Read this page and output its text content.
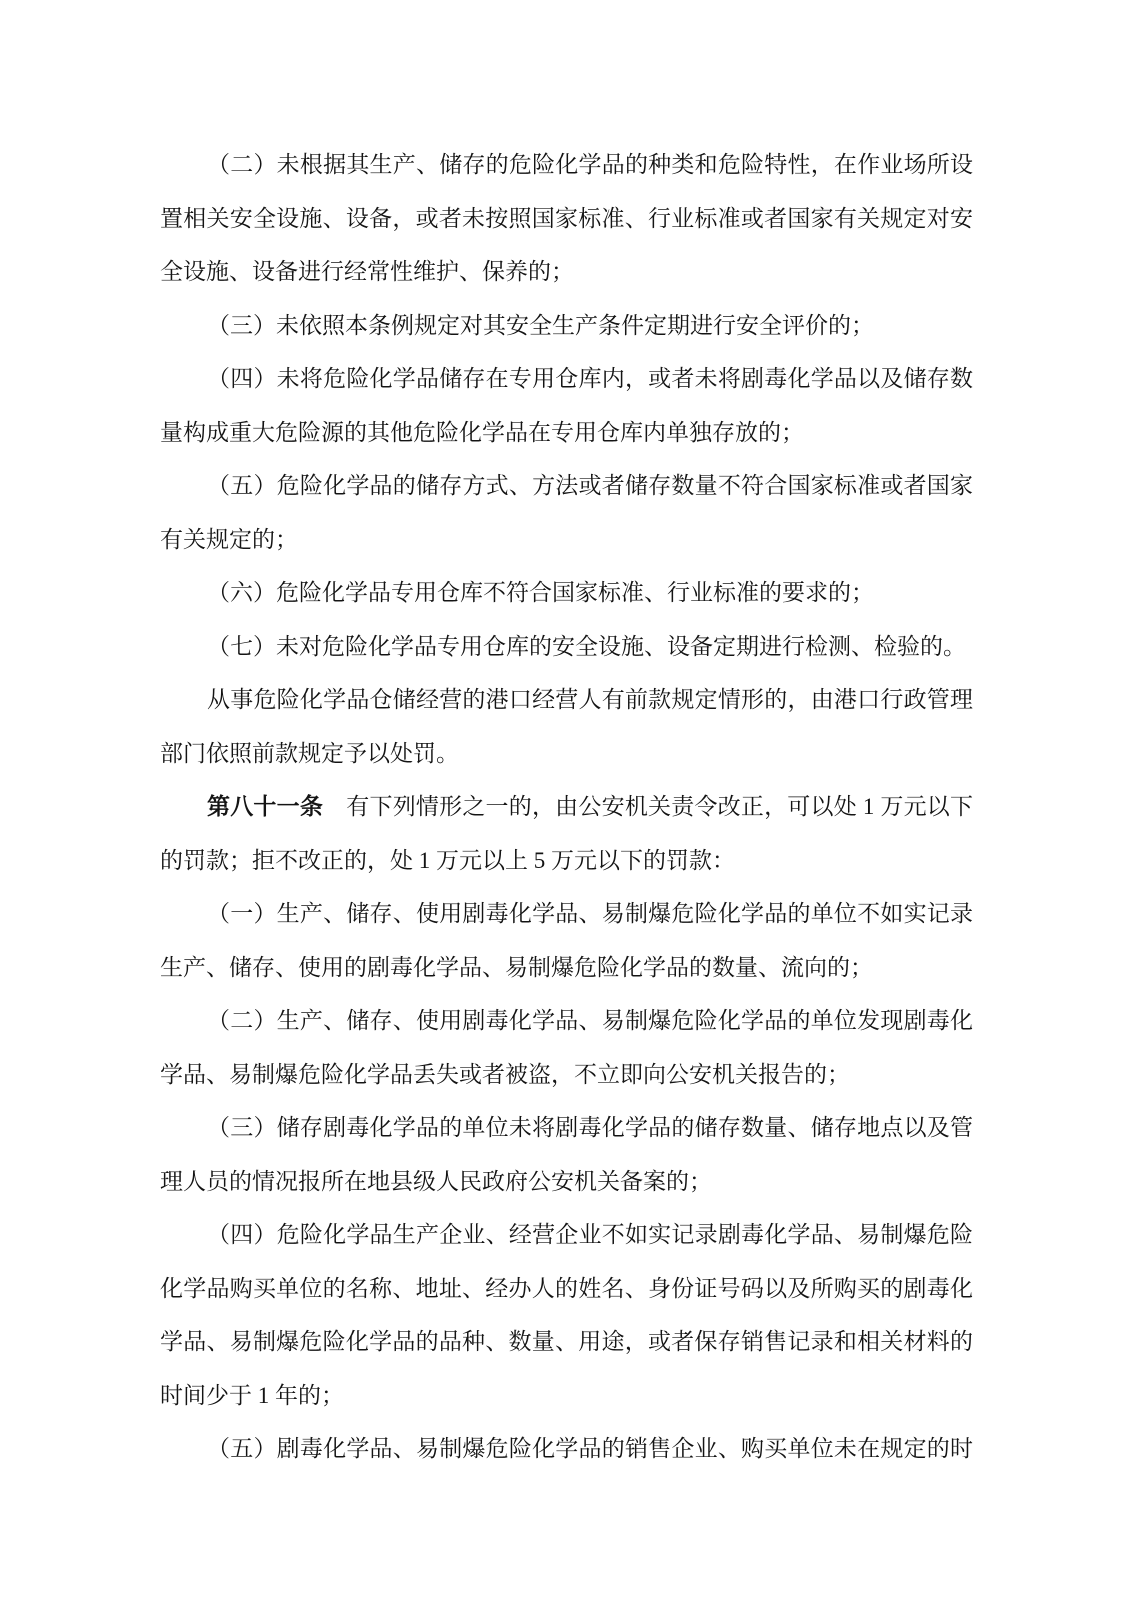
（二）未根据其生产、储存的危险化学品的种类和危险特性，在作业场所设
置相关安全设施、设备，或者未按照国家标准、行业标准或者国家有关规定对安
全设施、设备进行经常性维护、保养的；
（三）未依照本条例规定对其安全生产条件定期进行安全评价的；
（四）未将危险化学品储存在专用仓库内，或者未将剧毒化学品以及储存数
量构成重大危险源的其他危险化学品在专用仓库内单独存放的；
（五）危险化学品的储存方式、方法或者储存数量不符合国家标准或者国家
有关规定的；
（六）危险化学品专用仓库不符合国家标准、行业标准的要求的；
（七）未对危险化学品专用仓库的安全设施、设备定期进行检测、检验的。
从事危险化学品仓储经营的港口经营人有前款规定情形的，由港口行政管理
部门依照前款规定予以处罚。
第八十一条　有下列情形之一的，由公安机关责令改正，可以处 1 万元以下
的罚款；拒不改正的，处 1 万元以上 5 万元以下的罚款：
（一）生产、储存、使用剧毒化学品、易制爆危险化学品的单位不如实记录
生产、储存、使用的剧毒化学品、易制爆危险化学品的数量、流向的；
（二）生产、储存、使用剧毒化学品、易制爆危险化学品的单位发现剧毒化
学品、易制爆危险化学品丢失或者被盗，不立即向公安机关报告的；
（三）储存剧毒化学品的单位未将剧毒化学品的储存数量、储存地点以及管
理人员的情况报所在地县级人民政府公安机关备案的；
（四）危险化学品生产企业、经营企业不如实记录剧毒化学品、易制爆危险
化学品购买单位的名称、地址、经办人的姓名、身份证号码以及所购买的剧毒化
学品、易制爆危险化学品的品种、数量、用途，或者保存销售记录和相关材料的
时间少于 1 年的；
（五）剧毒化学品、易制爆危险化学品的销售企业、购买单位未在规定的时
